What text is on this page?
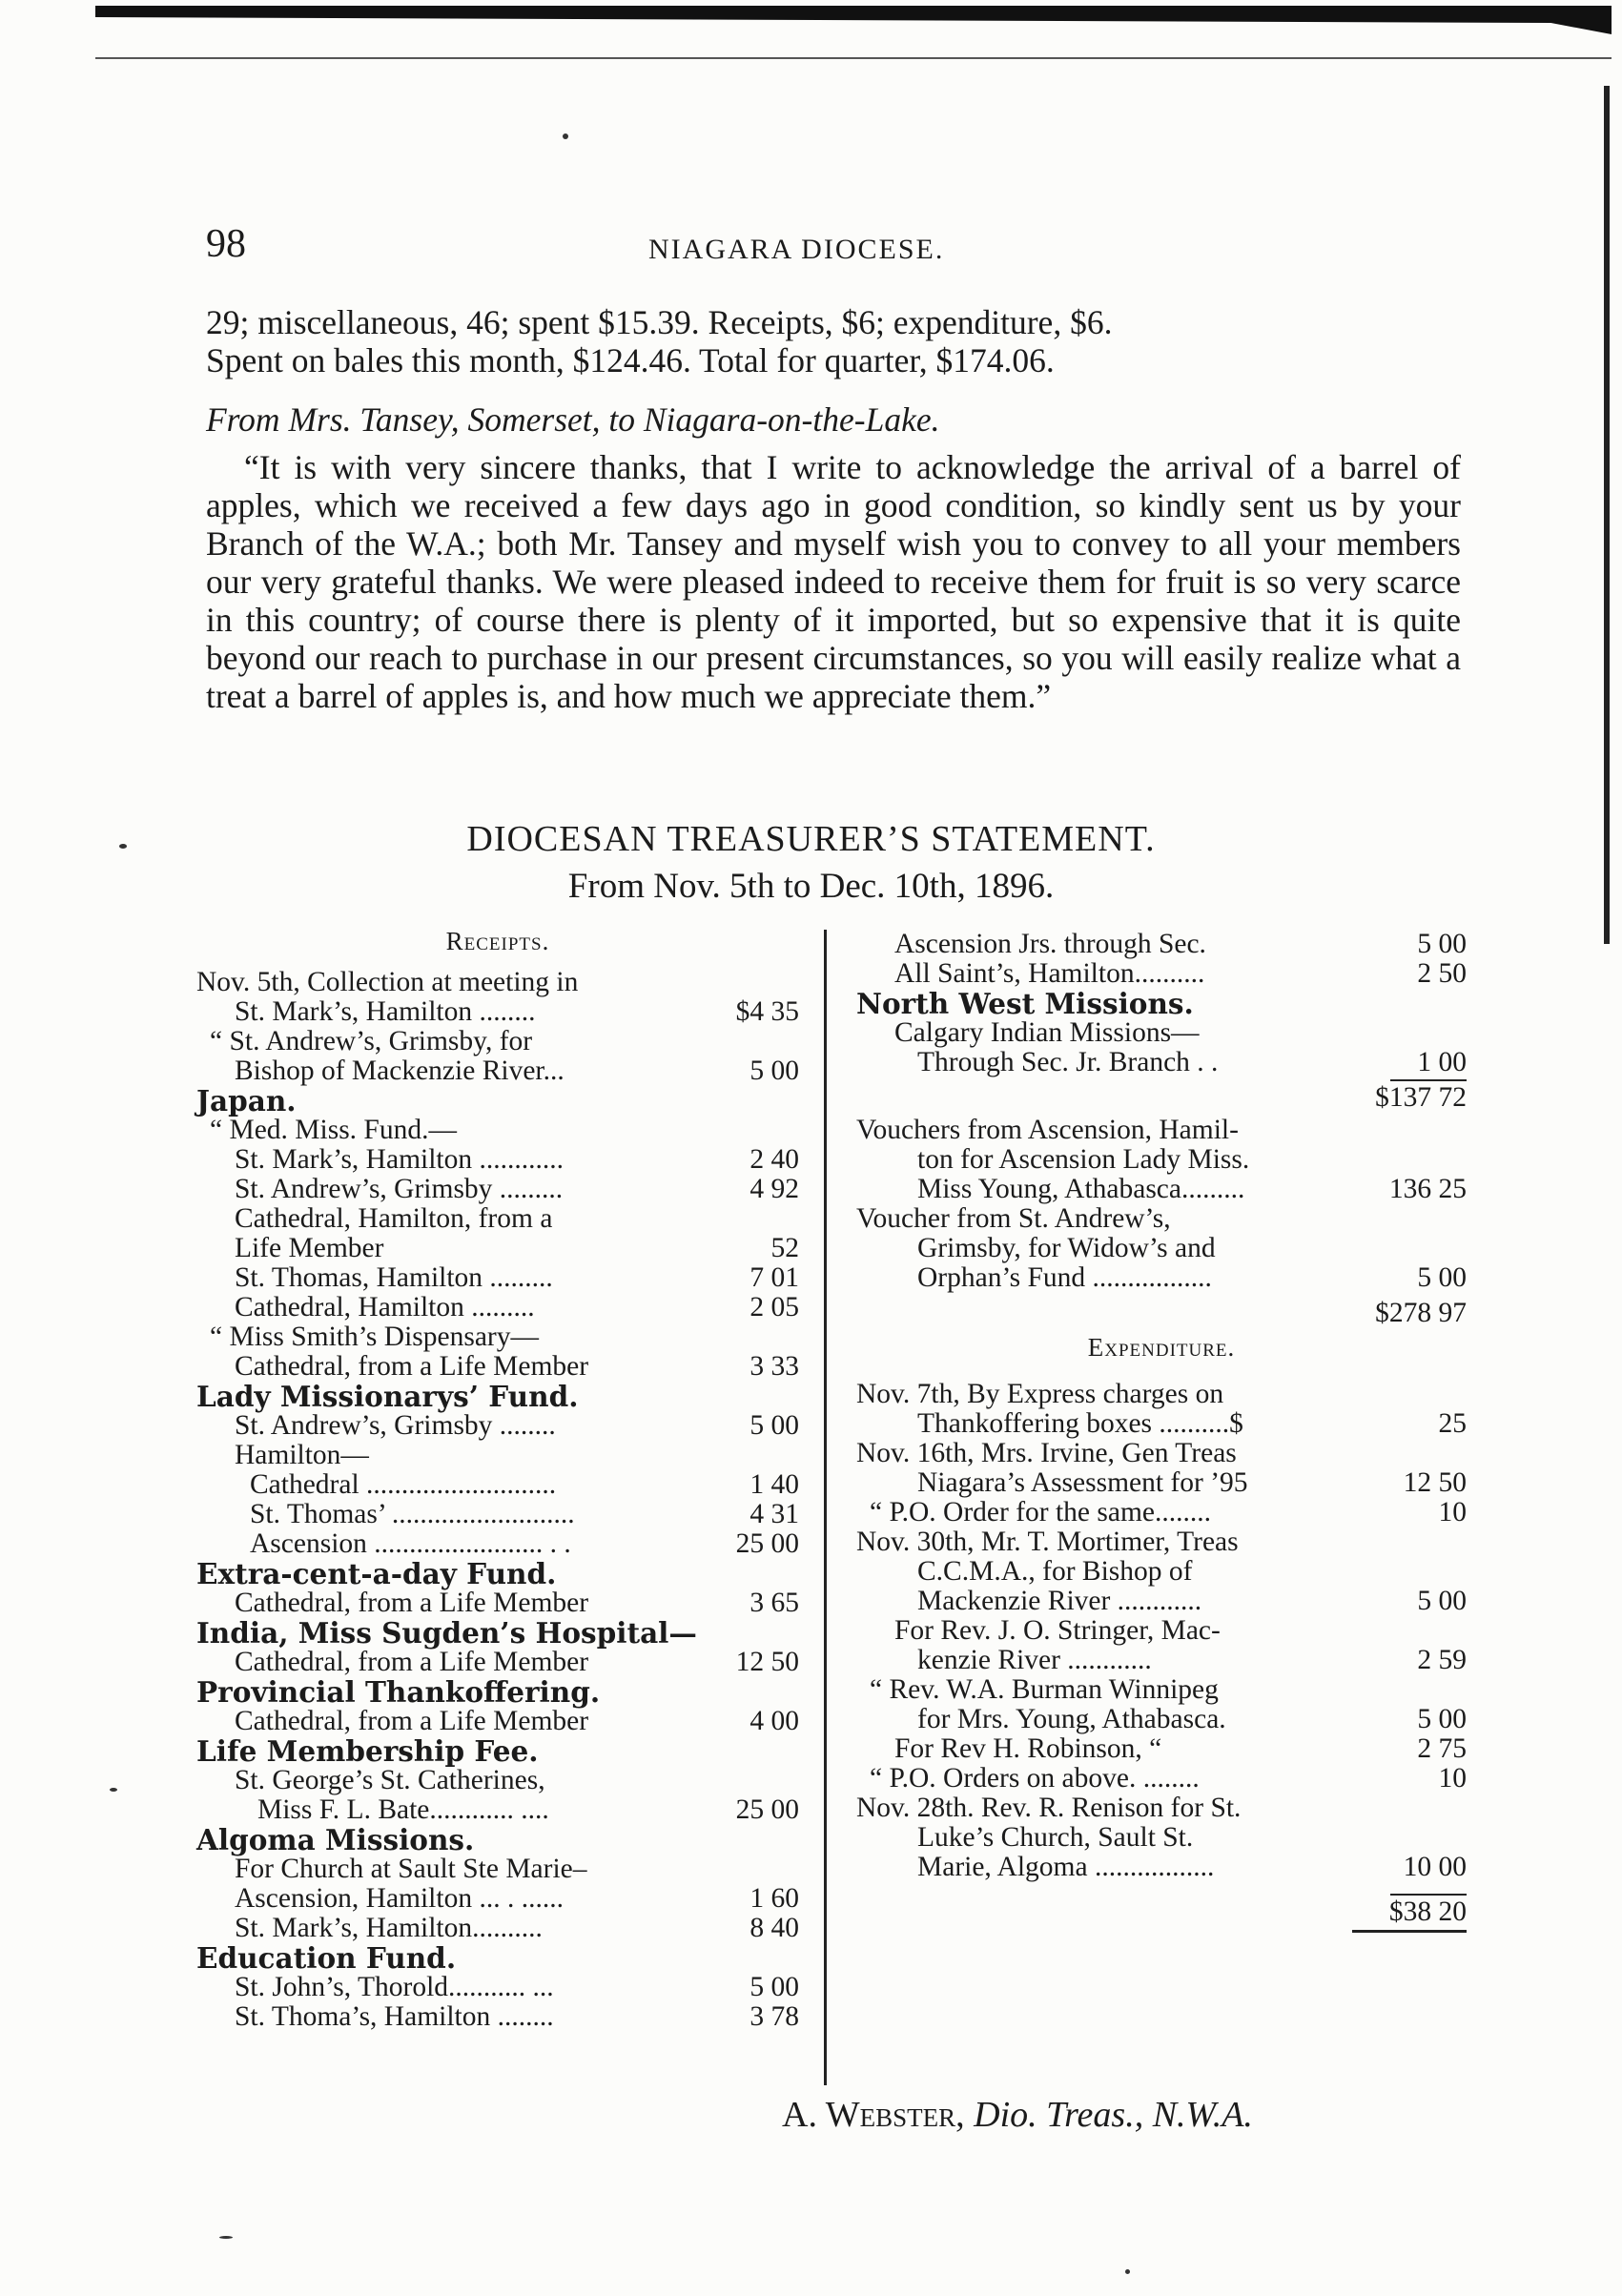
98	NIAGARA DIOCESE.

29; miscellaneous, 46; spent $15.39. Receipts, $6; expenditure, $6.
Spent on bales this month, $124.46. Total for quarter, $174.06.

From Mrs. Tansey, Somerset, to Niagara-on-the-Lake.

“It is with very sincere thanks, that I write to acknowledge the arrival of a barrel of apples, which we received a few days ago in good condition, so kindly sent us by your Branch of the W.A.; both Mr. Tansey and myself wish you to convey to all your members our very grateful thanks. We were pleased indeed to receive them for fruit is so very scarce in this country; of course there is plenty of it imported, but so expensive that it is quite beyond our reach to purchase in our present circumstances, so you will easily realize what a treat a barrel of apples is, and how much we appreciate them.”

DIOCESAN TREASURER’S STATEMENT.
From Nov. 5th to Dec. 10th, 1896.
Receipts.
Nov. 5th, Collection at meeting in
St. Mark’s, Hamilton ........	$4 35
“ St. Andrew’s, Grimsby, for
Bishop of Mackenzie River...	5 00
Japan.
“ Med. Miss. Fund.—
St. Mark’s, Hamilton ............	2 40
St. Andrew’s, Grimsby .........	4 92
Cathedral, Hamilton, from a
Life Member	52
St. Thomas, Hamilton .........	7 01
Cathedral, Hamilton .........	2 05
“ Miss Smith’s Dispensary—
Cathedral, from a Life Member	3 33
Lady Missionarys’ Fund.
St. Andrew’s, Grimsby ........	5 00
Hamilton—
Cathedral ...........................	1 40
St. Thomas’ ..........................	4 31
Ascension ........................ . .	25 00
Extra-cent-a-day Fund.
Cathedral, from a Life Member	3 65
India, Miss Sugden’s Hospital—
Cathedral, from a Life Member	12 50
Provincial Thankoffering.
Cathedral, from a Life Member	4 00
Life Membership Fee.
St. George’s St. Catherines,
Miss F. L. Bate............ ....	25 00
Algoma Missions.
For Church at Sault Ste Marie–
Ascension, Hamilton ... . ......	1 60
St. Mark’s, Hamilton..........	8 40
Education Fund.
St. John’s, Thorold........... ...	5 00
St. Thoma’s, Hamilton ........	3 78
Ascension Jrs. through Sec.	5 00
All Saint’s, Hamilton..........	2 50
North West Missions.
Calgary Indian Missions—
Through Sec. Jr. Branch . .	1 00
$137 72
Vouchers from Ascension, Hamil-
ton for Ascension Lady Miss.
Miss Young, Athabasca.........	136 25
Voucher from St. Andrew’s,
Grimsby, for Widow’s and
Orphan’s Fund .................	5 00
$278 97
Expenditure.
Nov. 7th, By Express charges on
Thankoffering boxes ..........$	25
Nov. 16th, Mrs. Irvine, Gen Treas
Niagara’s Assessment for ’95	12 50
“ P.O. Order for the same........	10
Nov. 30th, Mr. T. Mortimer, Treas
C.C.M.A., for Bishop of
Mackenzie River ............	5 00
For Rev. J. O. Stringer, Mac-
kenzie River ............	2 59
“ Rev. W.A. Burman Winnipeg
for Mrs. Young, Athabasca.	5 00
For Rev H. Robinson, “	2 75
“ P.O. Orders on above. ........	10
Nov. 28th. Rev. R. Renison for St.
Luke’s Church, Sault St.
Marie, Algoma .................	10 00
$38 20
A. Webster, Dio. Treas., N.W.A.
